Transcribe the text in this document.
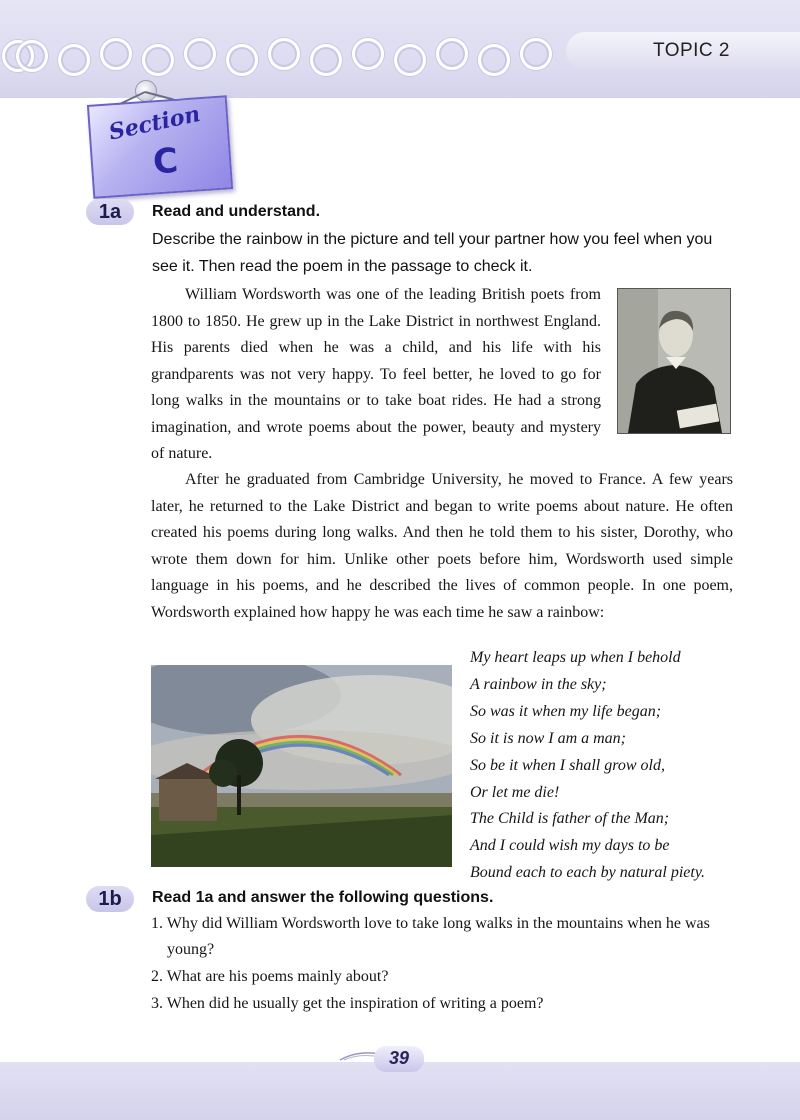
TOPIC 2
Section
C
1a	Read and understand.
Describe the rainbow in the picture and tell your partner how you feel when you see it. Then read the poem in the passage to check it.
William Wordsworth was one of the leading British poets from 1800 to 1850. He grew up in the Lake District in northwest England. His parents died when he was a child, and his life with his grandparents was not very happy. To feel better, he loved to go for long walks in the mountains or to take boat rides. He had a strong imagination, and wrote poems about the power, beauty and mystery of nature.
After he graduated from Cambridge University, he moved to France. A few years later, he returned to the Lake District and began to write poems about nature. He often created his poems during long walks. And then he told them to his sister, Dorothy, who wrote them down for him. Unlike other poets before him, Wordsworth used simple language in his poems, and he described the lives of common people. In one poem, Wordsworth explained how happy he was each time he saw a rainbow:
My heart leaps up when I behold
A rainbow in the sky;
So was it when my life began;
So it is now I am a man;
So be it when I shall grow old,
Or let me die!
The Child is father of the Man;
And I could wish my days to be
Bound each to each by natural piety.
1b	Read 1a and answer the following questions.
1. Why did William Wordsworth love to take long walks in the mountains when he was young?
2. What are his poems mainly about?
3. When did he usually get the inspiration of writing a poem?
39
